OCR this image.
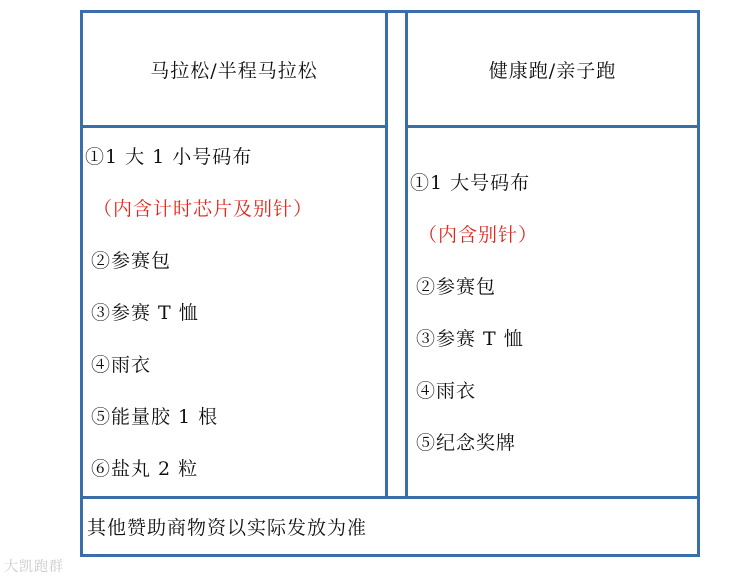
马拉松/半程马拉松	健康跑/亲子跑
①1 大 1 小号码布
（内含计时芯片及别针）
②参赛包
③参赛 T 恤
④雨衣
⑤能量胶 1 根
⑥盐丸 2 粒
①1 大号码布
（内含别针）
②参赛包
③参赛 T 恤
④雨衣
⑤纪念奖牌
其他赞助商物资以实际发放为准
大凯跑群
